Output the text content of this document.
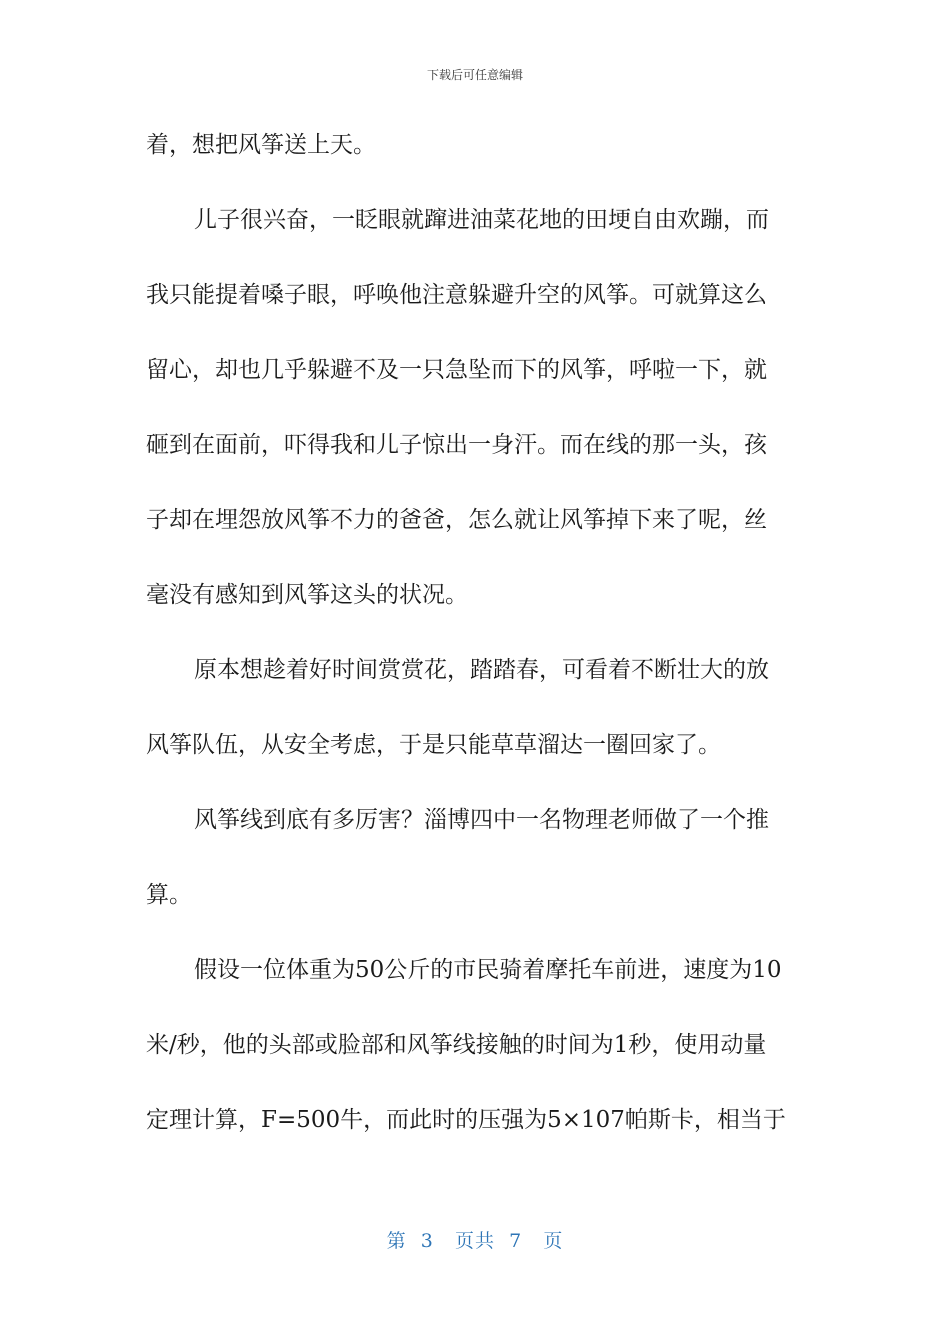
下载后可任意编辑
着，想把风筝送上天。
儿子很兴奋，一眨眼就蹿进油菜花地的田埂自由欢蹦，而
我只能提着嗓子眼，呼唤他注意躲避升空的风筝。可就算这么
留心，却也几乎躲避不及一只急坠而下的风筝，呼啦一下，就
砸到在面前，吓得我和儿子惊出一身汗。而在线的那一头，孩
子却在埋怨放风筝不力的爸爸，怎么就让风筝掉下来了呢，丝
毫没有感知到风筝这头的状况。
原本想趁着好时间赏赏花，踏踏春，可看着不断壮大的放
风筝队伍，从安全考虑，于是只能草草溜达一圈回家了。
风筝线到底有多厉害？淄博四中一名物理老师做了一个推
算。
假设一位体重为50公斤的市民骑着摩托车前进，速度为10
米/秒，他的头部或脸部和风筝线接触的时间为1秒，使用动量
定理计算，F=500牛，而此时的压强为5×107帕斯卡，相当于
第 3 页共 7 页
